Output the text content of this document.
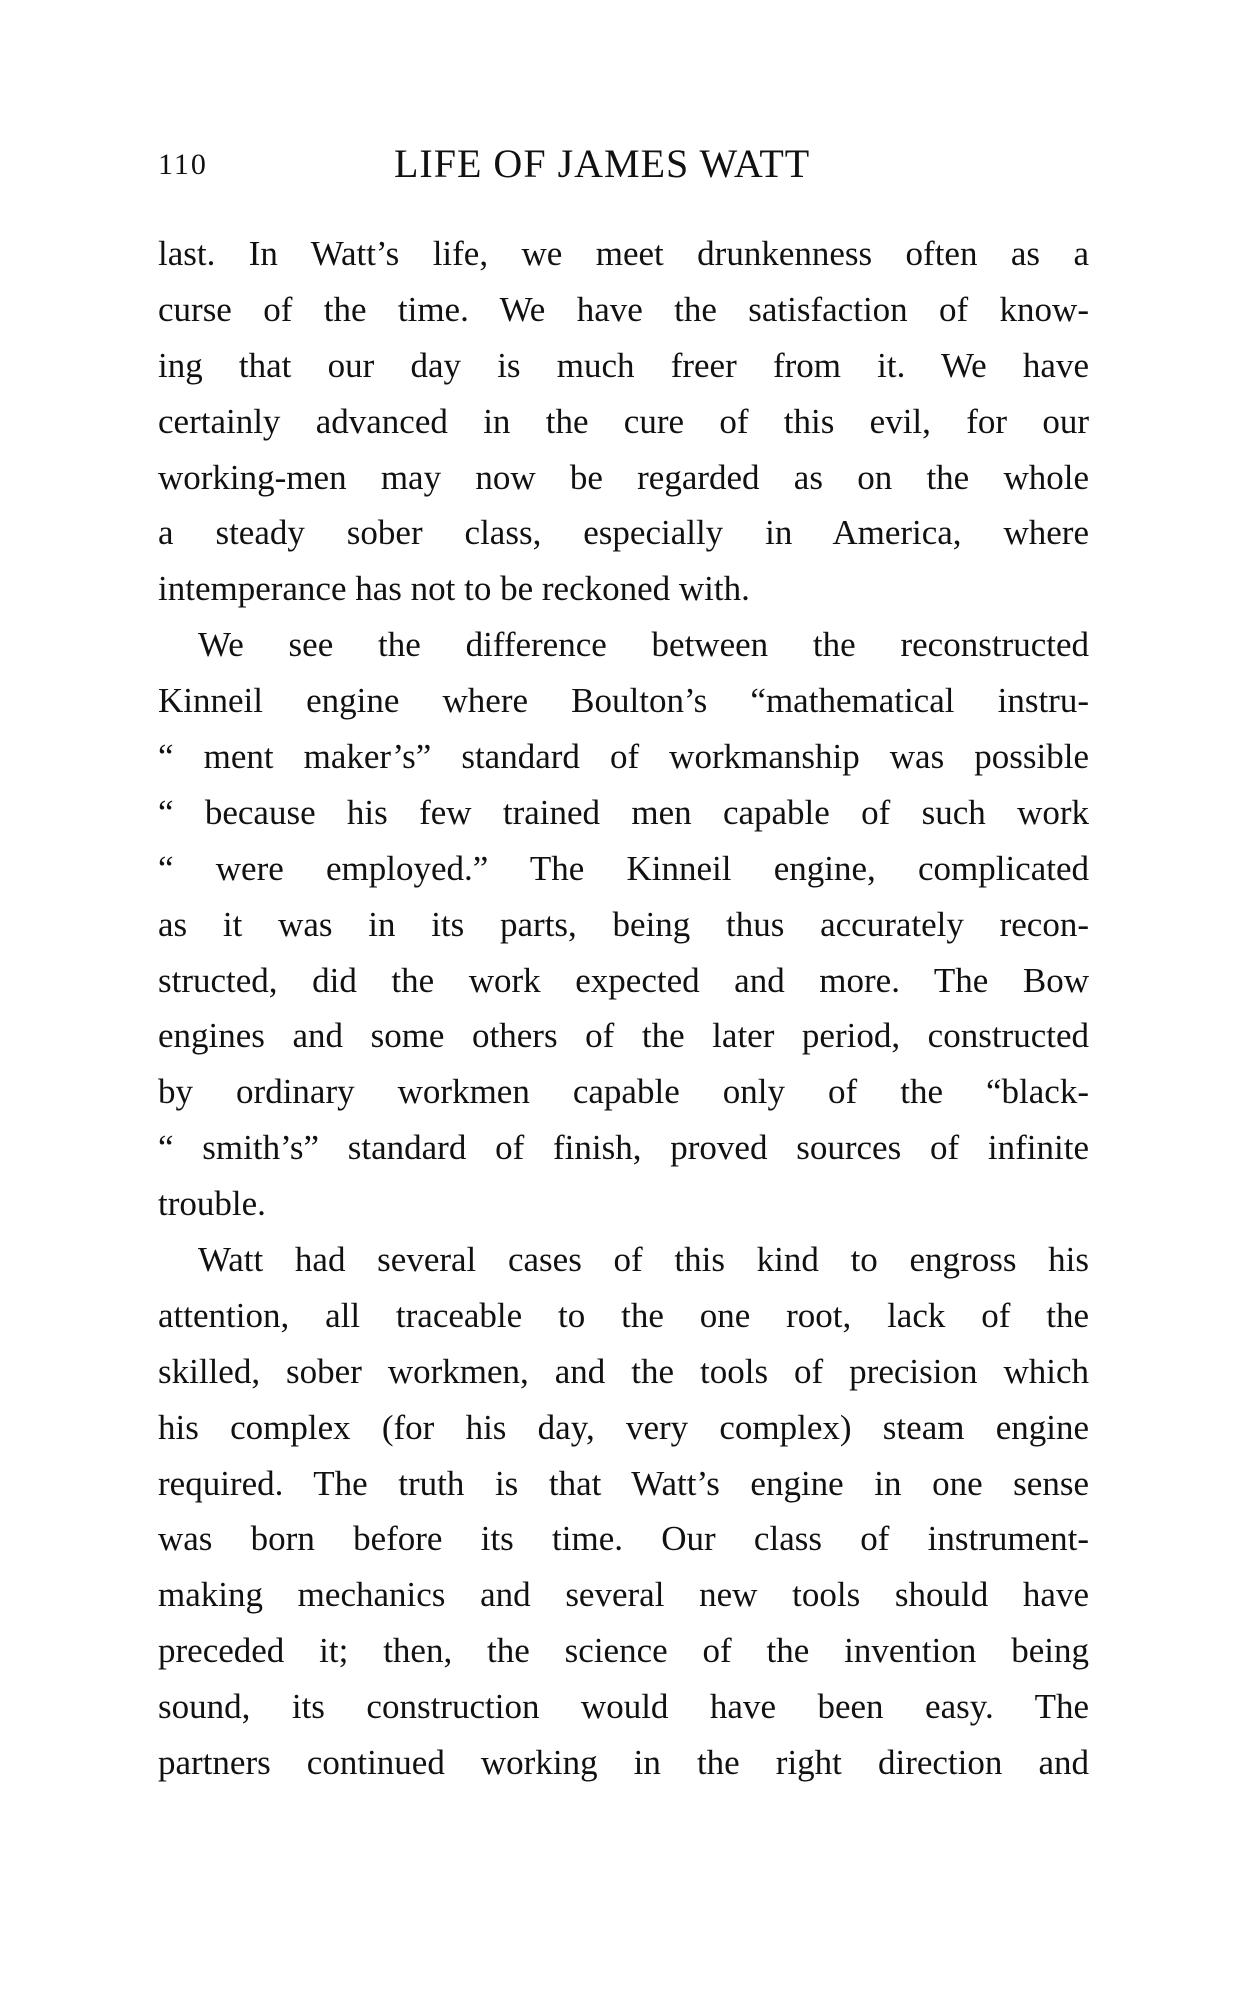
110	LIFE OF JAMES WATT
last. In Watt’s life, we meet drunkenness often as a
curse of the time. We have the satisfaction of know-
ing that our day is much freer from it. We have
certainly advanced in the cure of this evil, for our
working-men may now be regarded as on the whole
a steady sober class, especially in America, where
intemperance has not to be reckoned with.
We see the difference between the reconstructed
Kinneil engine where Boulton’s “mathematical instru-
“ ment maker’s” standard of workmanship was possible
“ because his few trained men capable of such work
“ were employed.” The Kinneil engine, complicated
as it was in its parts, being thus accurately recon-
structed, did the work expected and more. The Bow
engines and some others of the later period, constructed
by ordinary workmen capable only of the “black-
“ smith’s” standard of finish, proved sources of infinite
trouble.
Watt had several cases of this kind to engross his
attention, all traceable to the one root, lack of the
skilled, sober workmen, and the tools of precision which
his complex (for his day, very complex) steam engine
required. The truth is that Watt’s engine in one sense
was born before its time. Our class of instrument-
making mechanics and several new tools should have
preceded it; then, the science of the invention being
sound, its construction would have been easy. The
partners continued working in the right direction and
